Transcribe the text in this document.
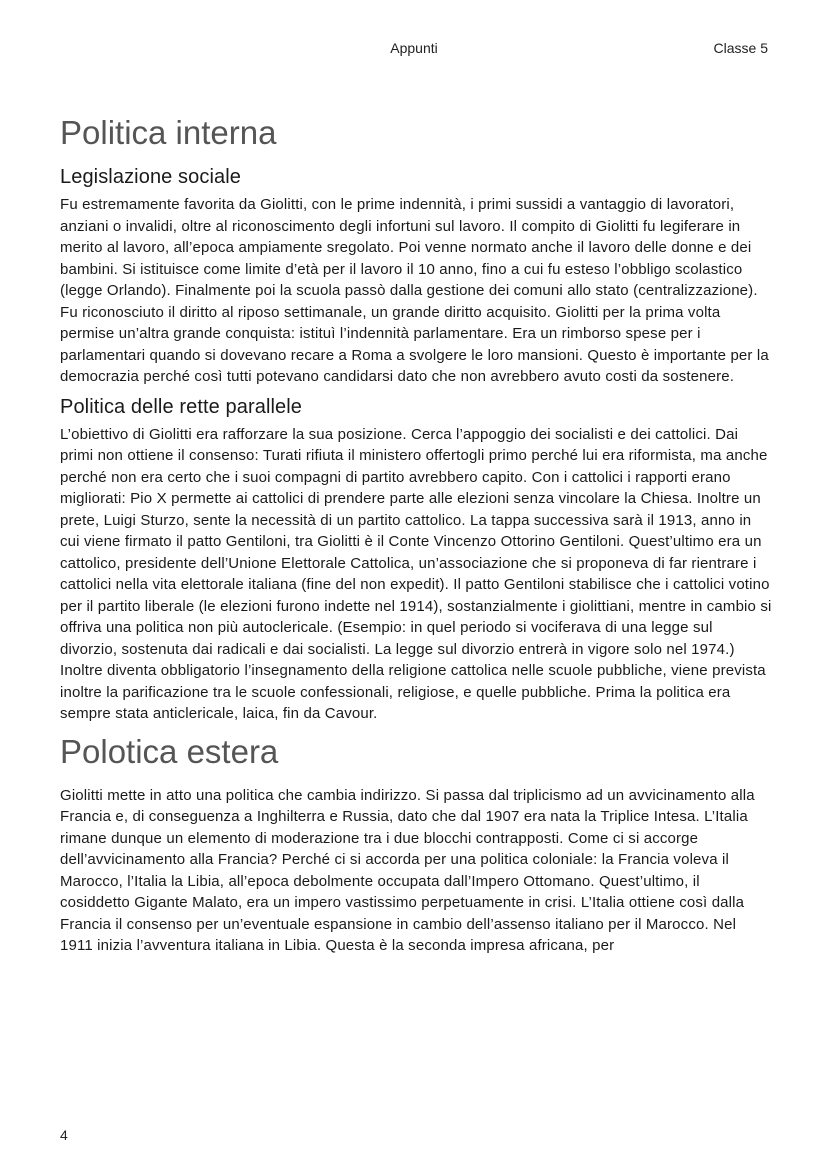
Appunti	Classe 5
Politica interna
Legislazione sociale

Fu estremamente favorita da Giolitti, con le prime indennità, i primi sussidi a vantaggio di lavoratori, anziani o invalidi, oltre al riconoscimento degli infortuni sul lavoro. Il compito di Giolitti fu legiferare in merito al lavoro, all’epoca ampiamente sregolato. Poi venne normato anche il lavoro delle donne e dei bambini. Si istituisce come limite d’età per il lavoro il 10 anno, fino a cui fu esteso l’obbligo scolastico (legge Orlando). Finalmente poi la scuola passò dalla gestione dei comuni allo stato (centralizzazione). Fu riconosciuto il diritto al riposo settimanale, un grande diritto acquisito. Giolitti per la prima volta permise un’altra grande conquista: istituì l’indennità parlamentare. Era un rimborso spese per i parlamentari quando si dovevano recare a Roma a svolgere le loro mansioni. Questo è importante per la democrazia perché così tutti potevano candidarsi dato che non avrebbero avuto costi da sostenere.

Politica delle rette parallele

L’obiettivo di Giolitti era rafforzare la sua posizione. Cerca l’appoggio dei socialisti e dei cattolici. Dai primi non ottiene il consenso: Turati rifiuta il ministero offertogli primo perché lui era riformista, ma anche perché non era certo che i suoi compagni di partito avrebbero capito. Con i cattolici i rapporti erano migliorati: Pio X permette ai cattolici di prendere parte alle elezioni senza vincolare la Chiesa. Inoltre un prete, Luigi Sturzo, sente la necessità di un partito cattolico. La tappa successiva sarà il 1913, anno in cui viene firmato il patto Gentiloni, tra Giolitti è il Conte Vincenzo Ottorino Gentiloni. Quest’ultimo era un cattolico, presidente dell’Unione Elettorale Cattolica, un’associazione che si proponeva di far rientrare i cattolici nella vita elettorale italiana (fine del non expedit). Il patto Gentiloni stabilisce che i cattolici votino per il partito liberale (le elezioni furono indette nel 1914), sostanzialmente i giolittiani, mentre in cambio si offriva una politica non più autoclericale. (Esempio: in quel periodo si vociferava di una legge sul divorzio, sostenuta dai radicali e dai socialisti. La legge sul divorzio entrerà in vigore solo nel 1974.) Inoltre diventa obbligatorio l’insegnamento della religione cattolica nelle scuole pubbliche, viene prevista inoltre la parificazione tra le scuole confessionali, religiose, e quelle pubbliche. Prima la politica era sempre stata anticlericale, laica, fin da Cavour.

Polotica estera

Giolitti mette in atto una politica che cambia indirizzo. Si passa dal triplicismo ad un avvicinamento alla Francia e, di conseguenza a Inghilterra e Russia, dato che dal 1907 era nata la Triplice Intesa. L’Italia rimane dunque un elemento di moderazione tra i due blocchi contrapposti. Come ci si accorge dell’avvicinamento alla Francia? Perché ci si accorda per una politica coloniale: la Francia voleva il Marocco, l’Italia la Libia, all’epoca debolmente occupata dall’Impero Ottomano. Quest’ultimo, il cosiddetto Gigante Malato, era un impero vastissimo perpetuamente in crisi. L’Italia ottiene così dalla Francia il consenso per un’eventuale espansione in cambio dell’assenso italiano per il Marocco. Nel 1911 inizia l’avventura italiana in Libia. Questa è la seconda impresa africana, per

4
